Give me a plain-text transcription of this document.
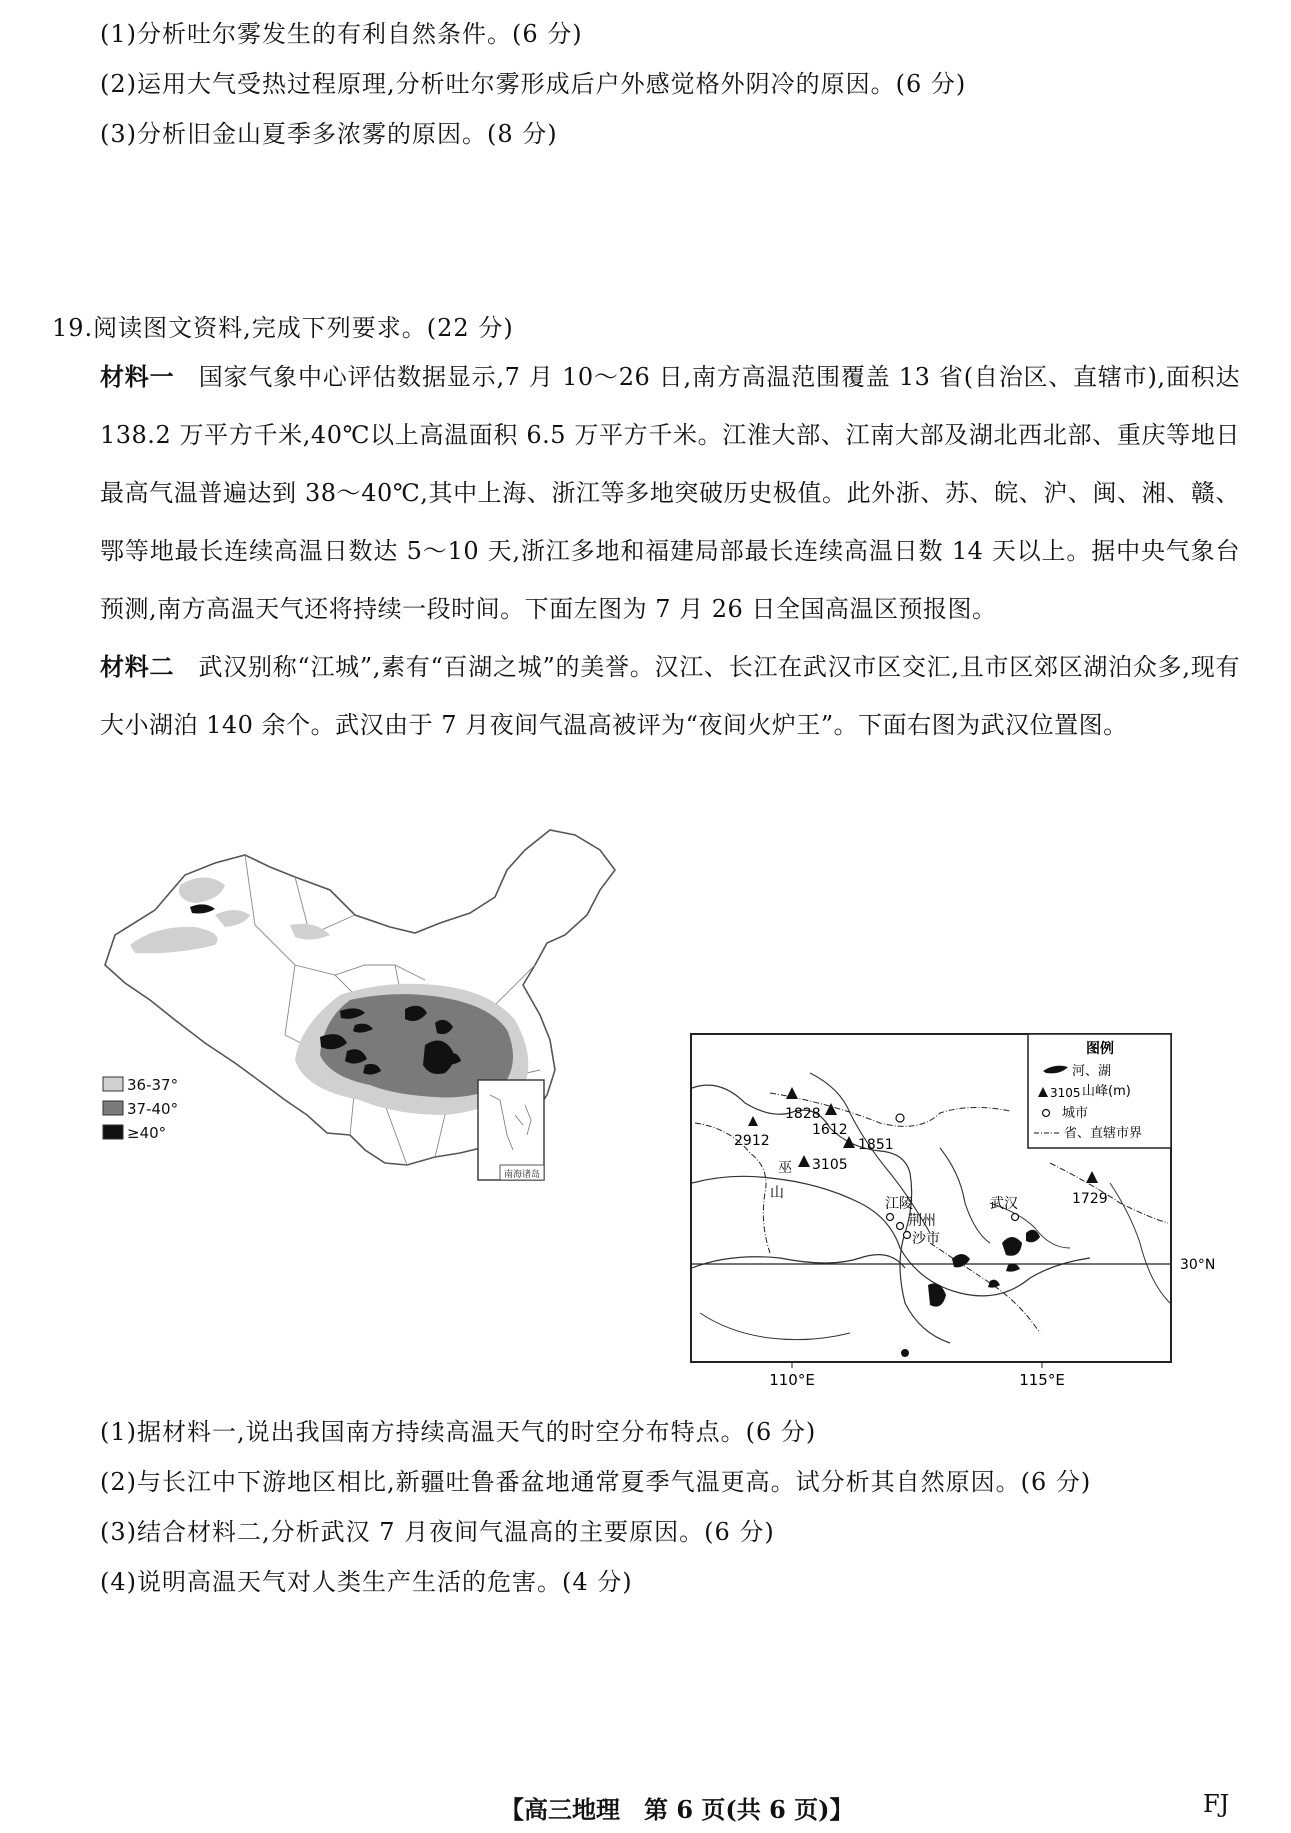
(1)分析吐尔雾发生的有利自然条件。(6 分)
(2)运用大气受热过程原理,分析吐尔雾形成后户外感觉格外阴冷的原因。(6 分)
(3)分析旧金山夏季多浓雾的原因。(8 分)
19.阅读图文资料,完成下列要求。(22 分)
材料一 国家气象中心评估数据显示,7 月 10～26 日,南方高温范围覆盖 13 省(自治区、直辖市),面积达 138.2 万平方千米,40℃以上高温面积 6.5 万平方千米。江淮大部、江南大部及湖北西北部、重庆等地日最高气温普遍达到 38～40℃,其中上海、浙江等多地突破历史极值。此外浙、苏、皖、沪、闽、湘、赣、鄂等地最长连续高温日数达 5～10 天,浙江多地和福建局部最长连续高温日数 14 天以上。据中央气象台预测,南方高温天气还将持续一段时间。下面左图为 7 月 26 日全国高温区预报图。
材料二 武汉别称“江城”,素有“百湖之城”的美誉。汉江、长江在武汉市区交汇,且市区郊区湖泊众多,现有大小湖泊 140 余个。武汉由于 7 月夜间气温高被评为“夜间火炉王”。下面右图为武汉位置图。
南海诸岛
36-37°
37-40°
≥40°
图例
河、湖
3105 山峰(m)
城市
省、直辖市界
30°N
1828
1612
2912	1851
3105
1729
巫
山
江陵
荆州
沙市
武汉
110°E	115°E
(1)据材料一,说出我国南方持续高温天气的时空分布特点。(6 分)
(2)与长江中下游地区相比,新疆吐鲁番盆地通常夏季气温更高。试分析其自然原因。(6 分)
(3)结合材料二,分析武汉 7 月夜间气温高的主要原因。(6 分)
(4)说明高温天气对人类生产生活的危害。(4 分)
【高三地理　第 6 页(共 6 页)】	FJ
